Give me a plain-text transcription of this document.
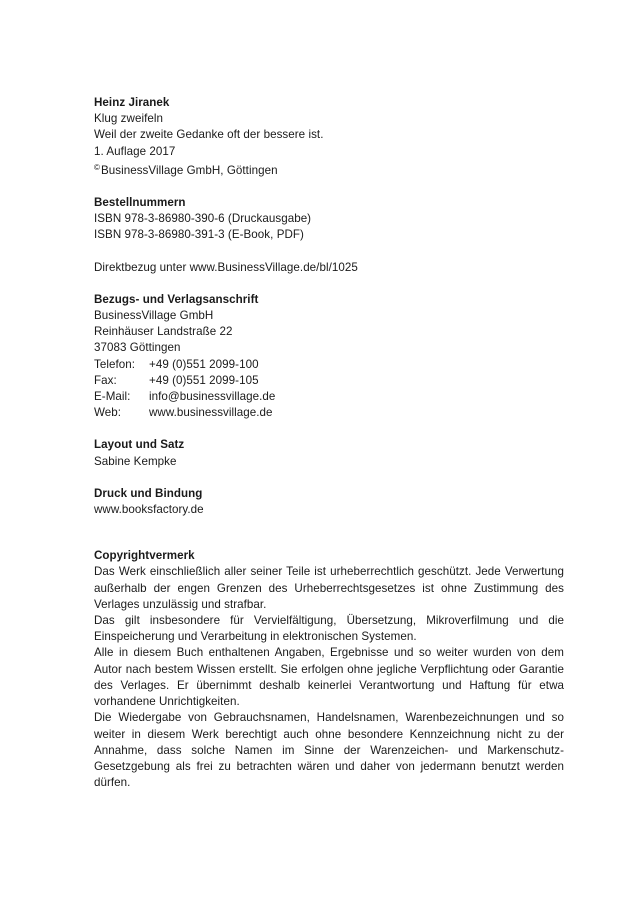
Heinz Jiranek

Klug zweifeln

Weil der zweite Gedanke oft der bessere ist.

1. Auflage 2017

©BusinessVillage GmbH, Göttingen

Bestellnummern

ISBN 978-3-86980-390-6 (Druckausgabe)

ISBN 978-3-86980-391-3 (E-Book, PDF)

Direktbezug unter www.BusinessVillage.de/bl/1025

Bezugs- und Verlagsanschrift

BusinessVillage GmbH

Reinhäuser Landstraße 22

37083 Göttingen

Telefon:	+49 (0)551 2099-100
Fax:	+49 (0)551 2099-105
E-Mail:	info@businessvillage.de
Web:	www.businessvillage.de

Layout und Satz

Sabine Kempke

Druck und Bindung

www.booksfactory.de

Copyrightvermerk

Das Werk einschließlich aller seiner Teile ist urheberrechtlich geschützt. Jede Verwertung außerhalb der engen Grenzen des Urheberrechtsgesetzes ist ohne Zustimmung des Verlages unzulässig und strafbar.

Das gilt insbesondere für Vervielfältigung, Übersetzung, Mikroverfilmung und die Einspeicherung und Verarbeitung in elektronischen Systemen.

Alle in diesem Buch enthaltenen Angaben, Ergebnisse und so weiter wurden von dem Autor nach bestem Wissen erstellt. Sie erfolgen ohne jegliche Verpflichtung oder Garantie des Verlages. Er übernimmt deshalb keinerlei Verantwortung und Haftung für etwa vorhandene Unrichtigkeiten.

Die Wiedergabe von Gebrauchsnamen, Handelsnamen, Warenbezeichnungen und so weiter in diesem Werk berechtigt auch ohne besondere Kennzeichnung nicht zu der Annahme, dass solche Namen im Sinne der Warenzeichen- und Markenschutz-Gesetzgebung als frei zu betrachten wären und daher von jedermann benutzt werden dürfen.
